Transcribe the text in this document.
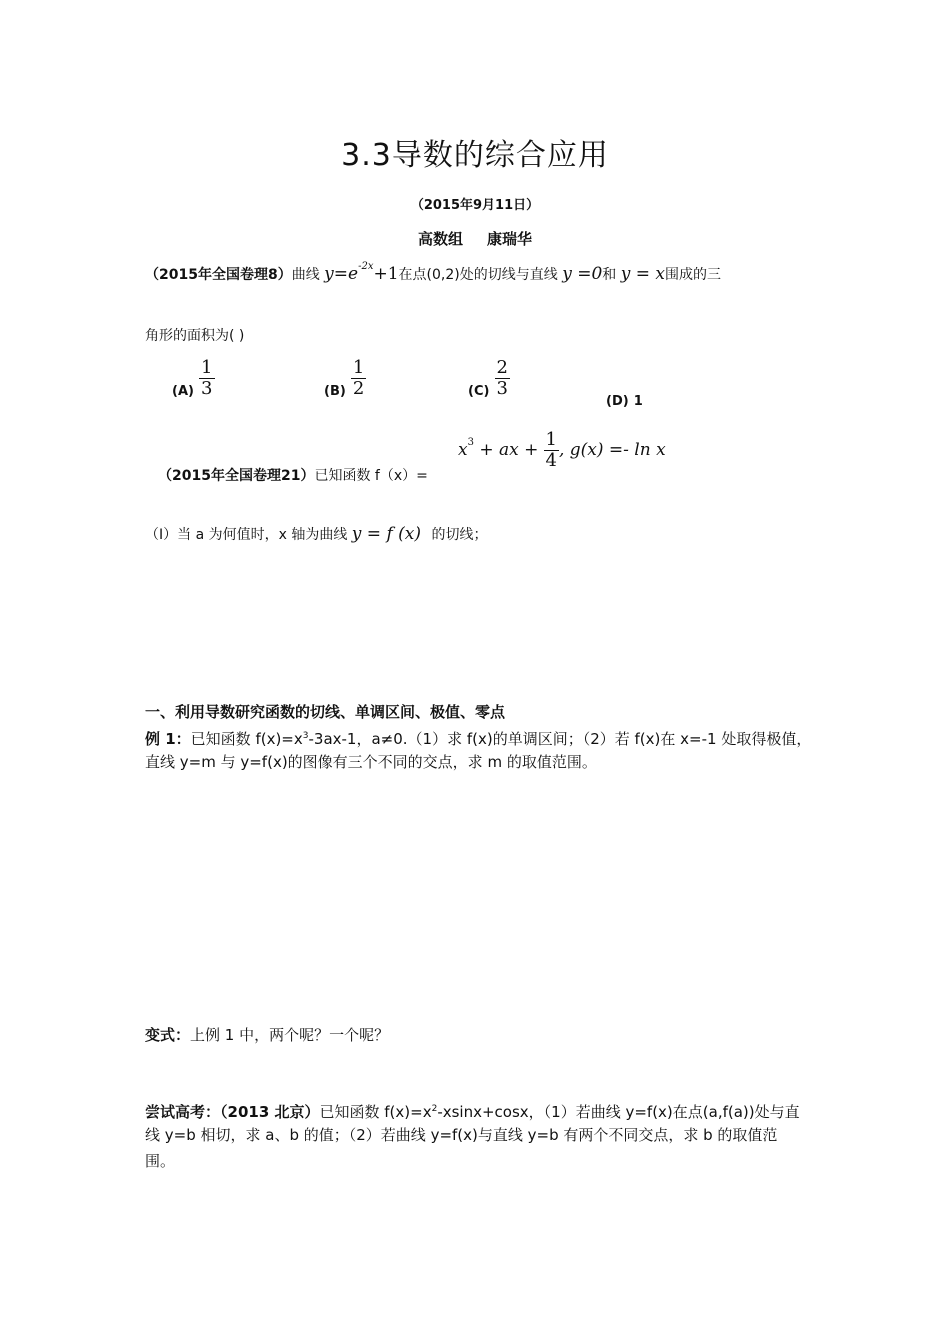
3.3导数的综合应用
（2015年9月11日）
高数组 康瑞华
（2015年全国卷理8）曲线 $y=e^{-2x}+1$在点(0,2)处的切线与直线 y =0和 y = x围成的三
角形的面积为( )
$(A) \frac{1}{3}$	$(B) \frac{1}{2}$	$(C) \frac{2}{3}$
(D) 1
（2015年全国卷理21）已知函数 f（x）=
$x^3$ + ax + $\frac{1}{4}$ , g(x) =- ln x
（Ⅰ）当 a 为何值时，x 轴为曲线 y = f (x) 的切线；
一、利用导数研究函数的切线、单调区间、极值、零点
例 1：已知函数 $f(x)=x^3-3ax-1$，a≠0.（1）求 f(x)的单调区间；（2）若 f(x)在 x=-1 处取得极值，
直线 y=m 与 y=f(x)的图像有三个不同的交点，求 m 的取值范围。
变式：上例 1 中，两个呢？一个呢？
尝试高考：（2013 北京）已知函数 $f(x)=x^2-xsinx+\cos x$，（1）若曲线 y=f(x)在点(a,f(a))处与直
线 y=b 相切，求 a、b 的值；（2）若曲线 y=f(x)与直线 y=b 有两个不同交点，求 b 的取值范
围。
